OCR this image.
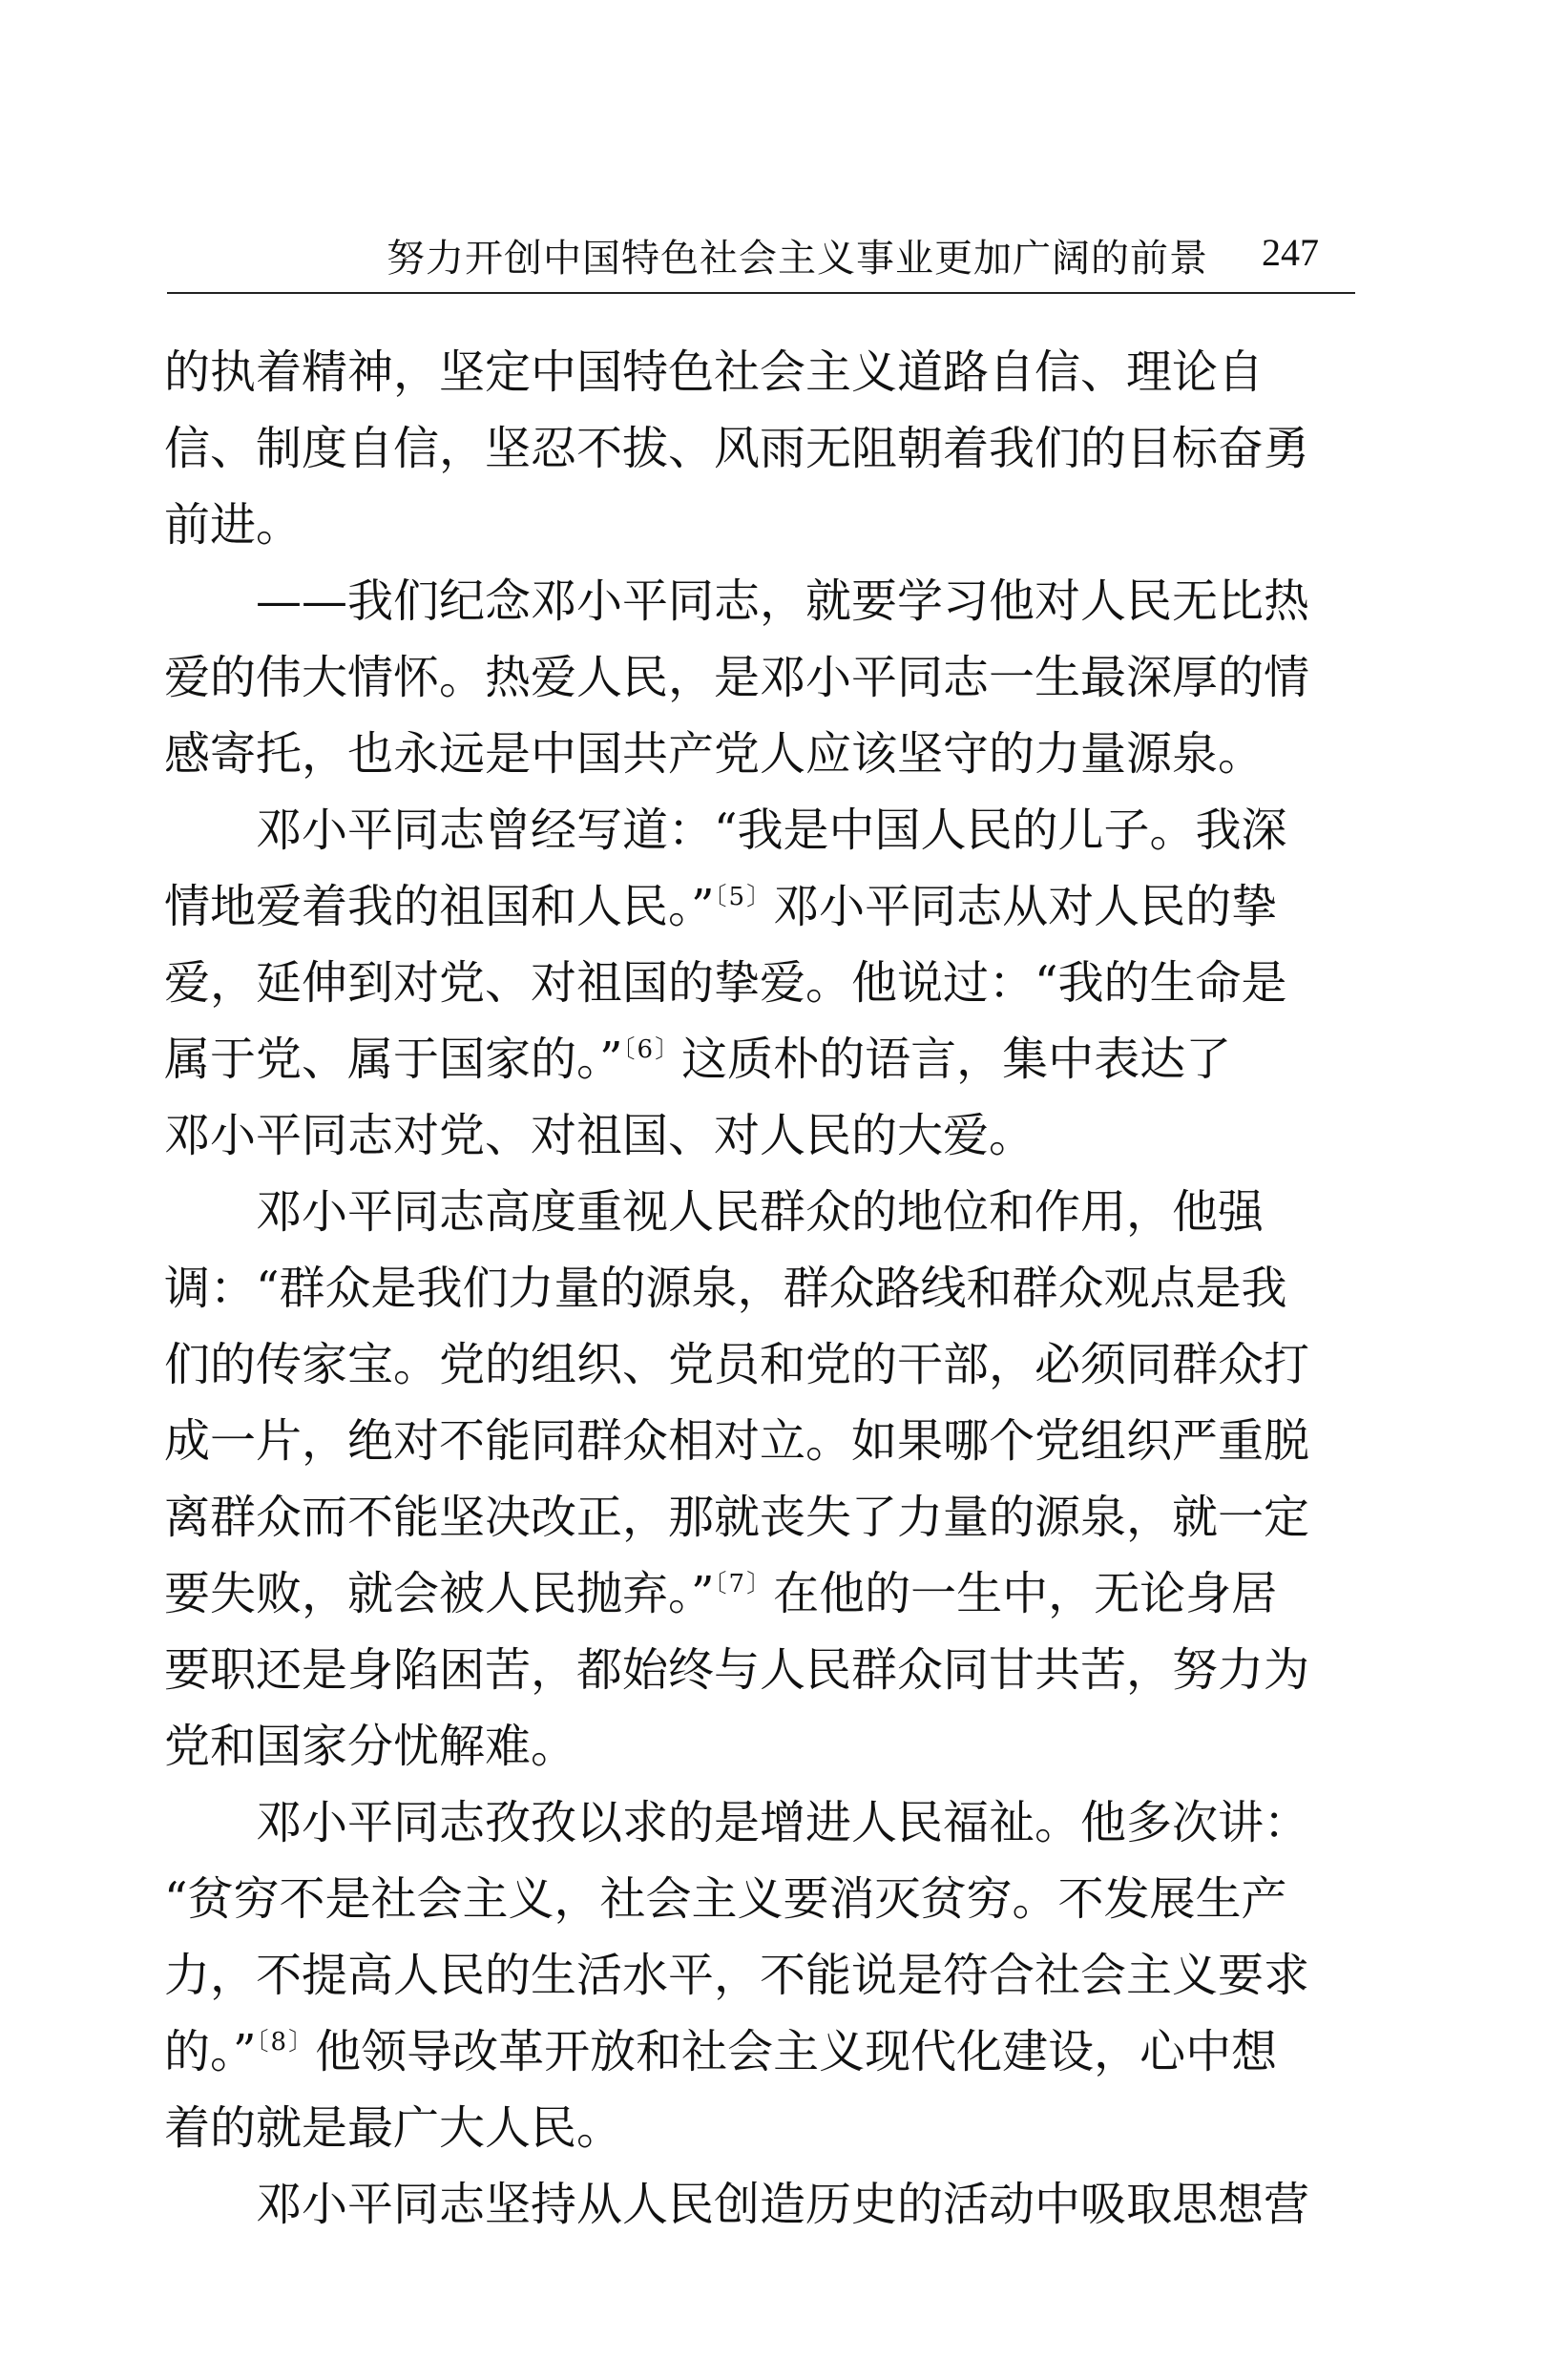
努力开创中国特色社会主义事业更加广阔的前景 247
的执着精神，坚定中国特色社会主义道路自信、理论自
信、制度自信，坚忍不拔、风雨无阻朝着我们的目标奋勇
前进。
——我们纪念邓小平同志，就要学习他对人民无比热
爱的伟大情怀。热爱人民，是邓小平同志一生最深厚的情
感寄托，也永远是中国共产党人应该坚守的力量源泉。
邓小平同志曾经写道：“我是中国人民的儿子。我深
情地爱着我的祖国和人民。”$^{〔5〕}$邓小平同志从对人民的挚
爱，延伸到对党、对祖国的挚爱。他说过：“我的生命是
属于党、属于国家的。”$^{〔6〕}$这质朴的语言，集中表达了
邓小平同志对党、对祖国、对人民的大爱。
邓小平同志高度重视人民群众的地位和作用，他强
调：“群众是我们力量的源泉，群众路线和群众观点是我
们的传家宝。党的组织、党员和党的干部，必须同群众打
成一片，绝对不能同群众相对立。如果哪个党组织严重脱
离群众而不能坚决改正，那就丧失了力量的源泉，就一定
要失败，就会被人民抛弃。”$^{〔7〕}$在他的一生中，无论身居
要职还是身陷困苦，都始终与人民群众同甘共苦，努力为
党和国家分忧解难。
邓小平同志孜孜以求的是增进人民福祉。他多次讲：
“贫穷不是社会主义，社会主义要消灭贫穷。不发展生产
力，不提高人民的生活水平，不能说是符合社会主义要求
的。”$^{〔8〕}$他领导改革开放和社会主义现代化建设，心中想
着的就是最广大人民。
邓小平同志坚持从人民创造历史的活动中吸取思想营
